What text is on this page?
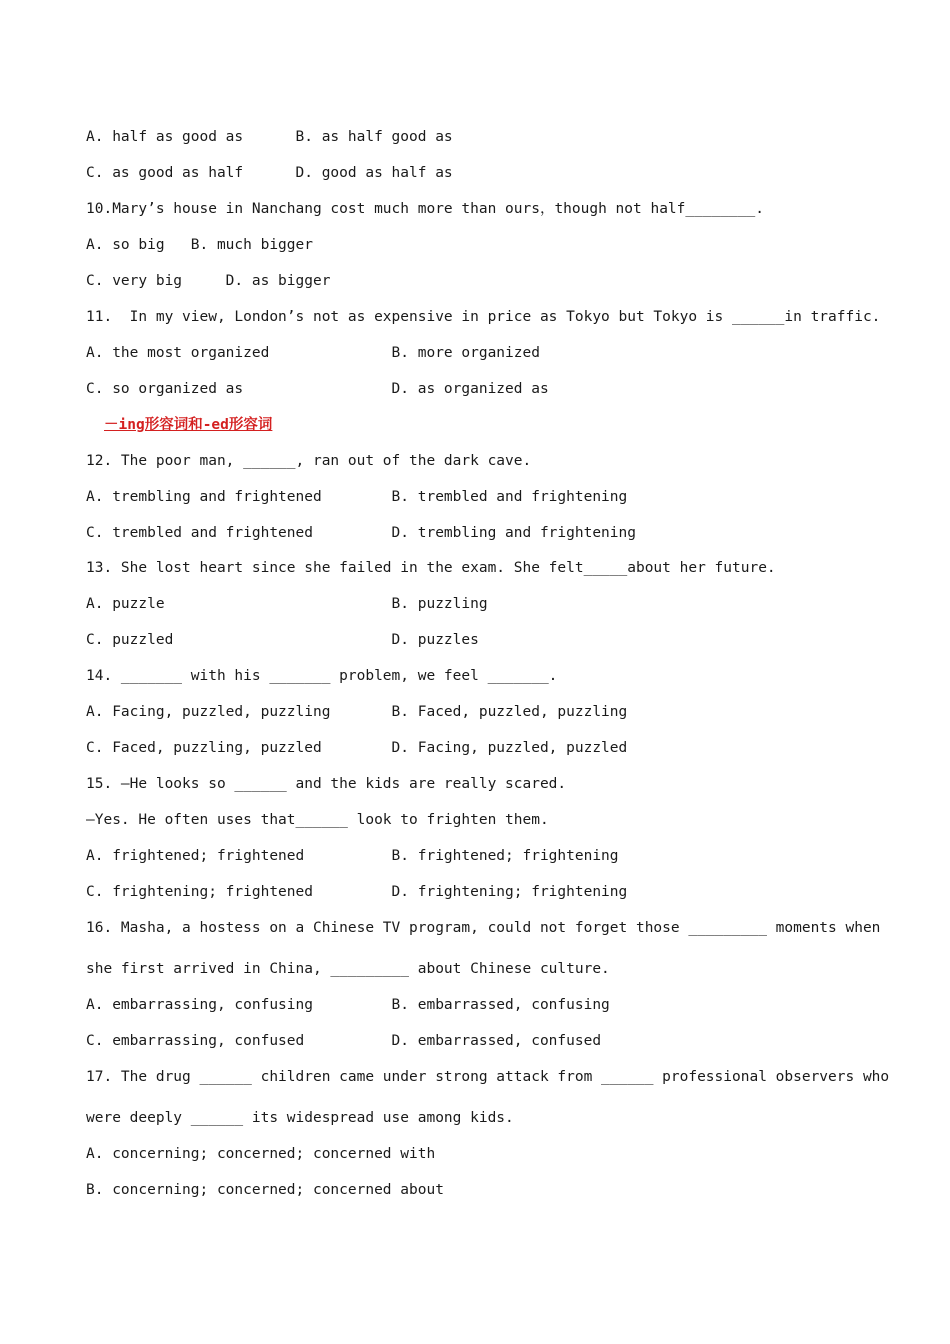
A. half as good as      B. as half good as
C. as good as half      D. good as half as
10.Mary’s house in Nanchang cost much more than ours，though not half________.
A. so big   B. much bigger
C. very big     D. as bigger
11.  In my view, London’s not as expensive in price as Tokyo but Tokyo is ______in traffic.
A. the most organized              B. more organized
C. so organized as                 D. as organized as
－ing形容词和-ed形容词
12. The poor man, ______, ran out of the dark cave.
A. trembling and frightened        B. trembled and frightening
C. trembled and frightened         D. trembling and frightening
13. She lost heart since she failed in the exam. She felt_____about her future.
A. puzzle                          B. puzzling
C. puzzled                         D. puzzles
14. _______ with his _______ problem, we feel _______.
A. Facing, puzzled, puzzling       B. Faced, puzzled, puzzling
C. Faced, puzzling, puzzled        D. Facing, puzzled, puzzled
15. —He looks so ______ and the kids are really scared.
—Yes. He often uses that______ look to frighten them.
A. frightened; frightened          B. frightened; frightening
C. frightening; frightened         D. frightening; frightening
16. Masha, a hostess on a Chinese TV program, could not forget those _________ moments when
she first arrived in China, _________ about Chinese culture.
A. embarrassing, confusing         B. embarrassed, confusing
C. embarrassing, confused          D. embarrassed, confused
17. The drug ______ children came under strong attack from ______ professional observers who
were deeply ______ its widespread use among kids.
A. concerning; concerned; concerned with
B. concerning; concerned; concerned about
